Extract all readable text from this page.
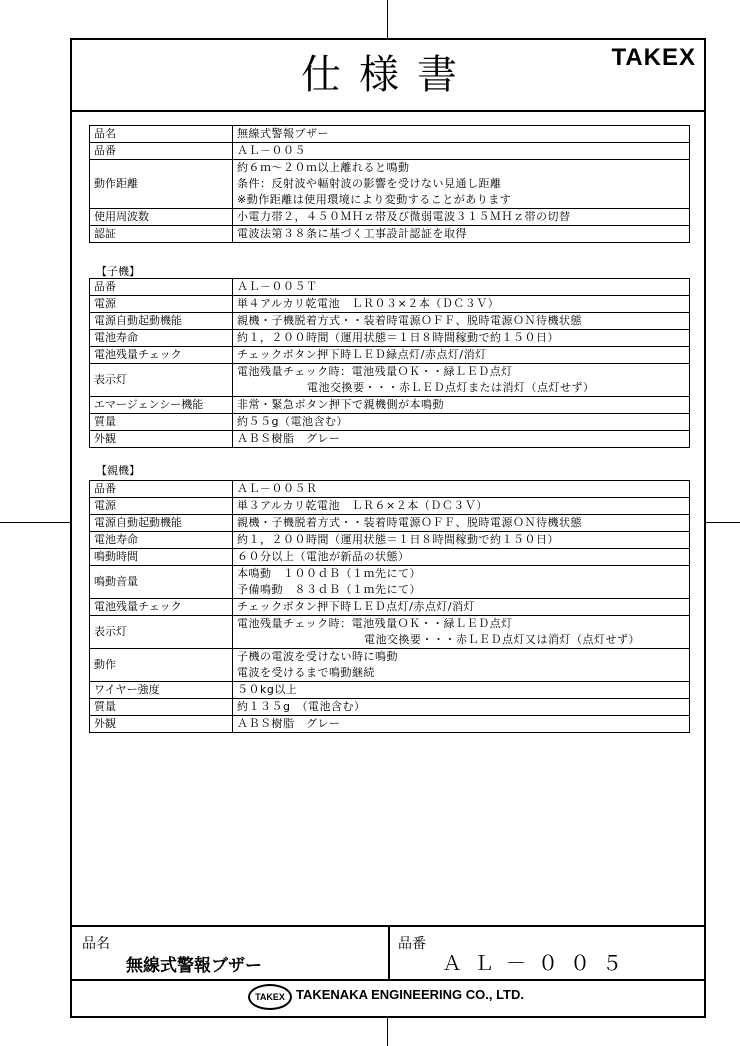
仕様書	TAKEX
品名	無線式警報ブザー

品番	ＡＬ－００５

動作距離	約６ｍ～２０ｍ以上離れると鳴動
条件：反射波や輻射波の影響を受けない見通し距離
※動作距離は使用環境により変動することがあります

使用周波数	小電力帯２，４５０ＭＨｚ帯及び微弱電波３１５ＭＨｚ帯の切替

認証	電波法第３８条に基づく工事設計認証を取得
【子機】
品番	ＡＬ－００５Ｔ

電源	単４アルカリ乾電池　ＬＲ０３×２本（ＤＣ３Ｖ）

電源自動起動機能	親機・子機脱着方式・・装着時電源ＯＦＦ、脱時電源ＯＮ待機状態

電池寿命	約１，２００時間（運用状態＝１日８時間稼動で約１５０日）

電池残量チェック	チェックボタン押下時ＬＥＤ緑点灯/赤点灯/消灯

表示灯	電池残量チェック時：電池残量ＯＫ・・緑ＬＥＤ点灯
電池交換要・・・赤ＬＥＤ点灯または消灯（点灯せず）

エマージェンシー機能	非常・緊急ボタン押下で親機側が本鳴動

質量	約５５g（電池含む）

外観	ＡＢＳ樹脂　グレー
【親機】
品番	ＡＬ－００５Ｒ

電源	単３アルカリ乾電池　ＬＲ６×２本（ＤＣ３Ｖ）

電源自動起動機能	親機・子機脱着方式・・装着時電源ＯＦＦ、脱時電源ＯＮ待機状態

電池寿命	約１，２００時間（運用状態＝１日８時間稼動で約１５０日）

鳴動時間	６０分以上（電池が新品の状態）

鳴動音量	本鳴動　１００ｄＢ（１ｍ先にて）
予備鳴動　８３ｄＢ（１ｍ先にて）

電池残量チェック	チェックボタン押下時ＬＥＤ点灯/赤点灯/消灯

表示灯	電池残量チェック時：電池残量ＯＫ・・緑ＬＥＤ点灯
電池交換要・・・赤ＬＥＤ点灯又は消灯（点灯せず）

動作	子機の電波を受けない時に鳴動
電波を受けるまで鳴動継続

ワイヤー強度	５０kg以上

質量	約１３５g　（電池含む）

外観	ＡＢＳ樹脂　グレー
品名
無線式警報ブザー
品番
ＡＬ－００５
TAKEX TAKENAKA ENGINEERING CO., LTD.
